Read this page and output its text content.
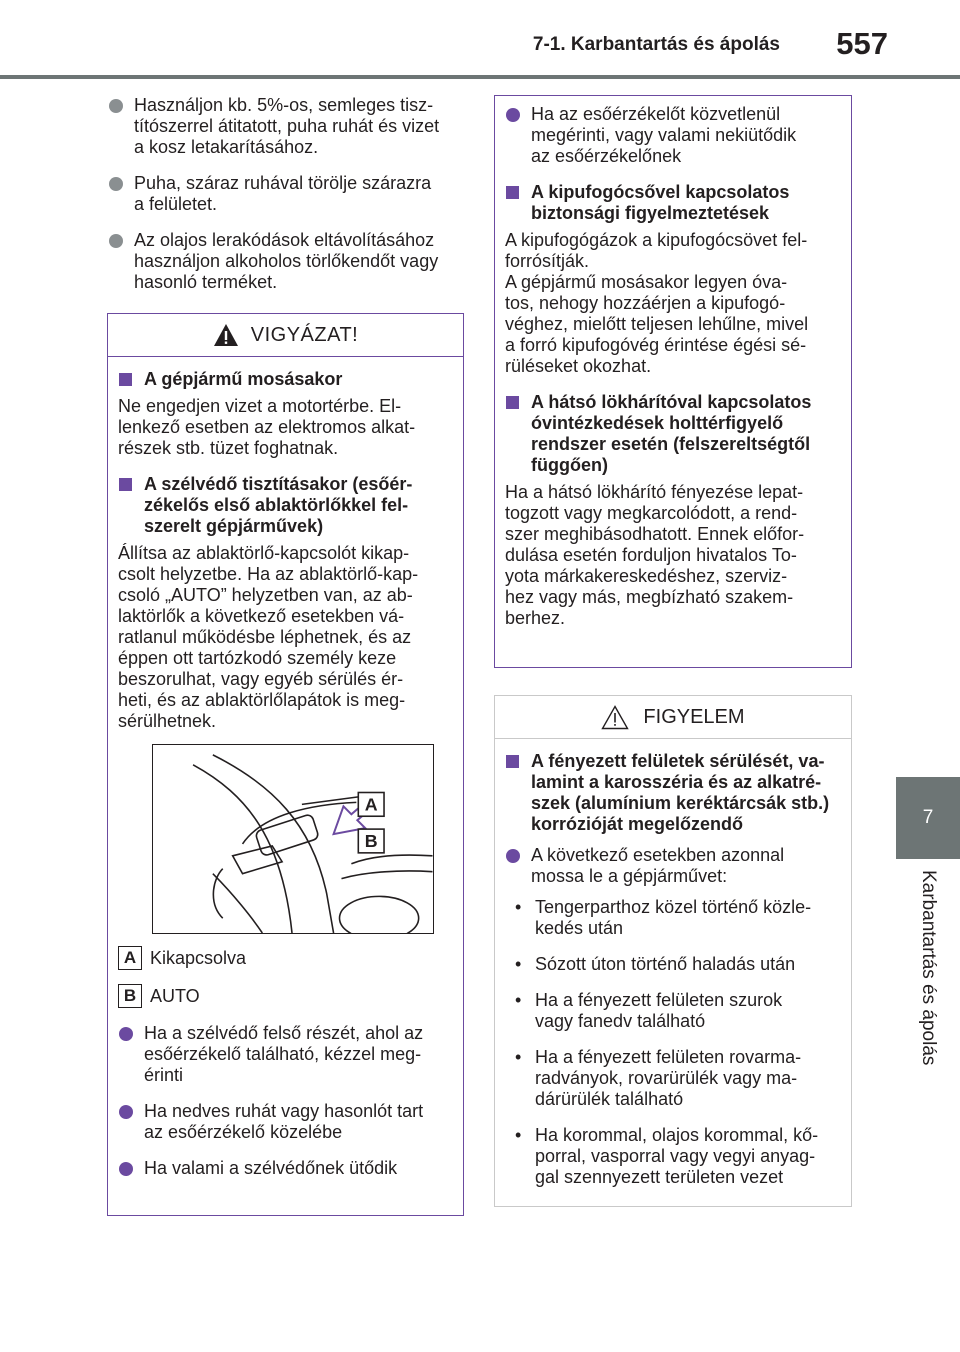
7-1. Karbantartás és ápolás 557
7
Karbantartás és ápolás
Használjon kb. 5%-os, semleges tisz-
títószerrel átitatott, puha ruhát és vizet
a kosz letakarításához.
Puha, száraz ruhával törölje szárazra
a felületet.
Az olajos lerakódások eltávolításához
használjon alkoholos törlőkendőt vagy
hasonló terméket.
VIGYÁZAT!
A gépjármű mosásakor
Ne engedjen vizet a motortérbe. El-
lenkező esetben az elektromos alkat-
részek stb. tüzet foghatnak.
A szélvédő tisztításakor (esőér-
zékelős első ablaktörlőkkel fel-
szerelt gépjárművek)
Állítsa az ablaktörlő-kapcsolót kikap-
csolt helyzetbe. Ha az ablaktörlő-kap-
csoló „AUTO” helyzetben van, az ab-
laktörlők a következő esetekben vá-
ratlanul működésbe léphetnek, és az
éppen ott tartózkodó személy keze
beszorulhat, vagy egyéb sérülés ér-
heti, és az ablaktörlőlapátok is meg-
sérülhetnek.
A
B
A Kikapcsolva
B AUTO
Ha a szélvédő felső részét, ahol az
esőérzékelő található, kézzel meg-
érinti
Ha nedves ruhát vagy hasonlót tart
az esőérzékelő közelébe
Ha valami a szélvédőnek ütődik
Ha az esőérzékelőt közvetlenül
megérinti, vagy valami nekiütődik
az esőérzékelőnek
A kipufogócsővel kapcsolatos
biztonsági figyelmeztetések
A kipufogógázok a kipufogócsövet fel-
forrósítják.
A gépjármű mosásakor legyen óva-
tos, nehogy hozzáérjen a kipufogó-
véghez, mielőtt teljesen lehűlne, mivel
a forró kipufogóvég érintése égési sé-
rüléseket okozhat.
A hátsó lökhárítóval kapcsolatos
óvintézkedések holttérfigyelő
rendszer esetén (felszereltségtől
függően)
Ha a hátsó lökhárító fényezése lepat-
togzott vagy megkarcolódott, a rend-
szer meghibásodhatott. Ennek előfor-
dulása esetén forduljon hivatalos To-
yota márkakereskedéshez, szerviz-
hez vagy más, megbízható szakem-
berhez.
FIGYELEM
A fényezett felületek sérülését, va-
lamint a karosszéria és az alkatré-
szek (alumínium keréktárcsák stb.)
korrózióját megelőzendő
A következő esetekben azonnal
mossa le a gépjárművet:
• Tengerparthoz közel történő közle-
kedés után
• Sózott úton történő haladás után
• Ha a fényezett felületen szurok
vagy fanedv található
• Ha a fényezett felületen rovarma-
radványok, rovarürülék vagy ma-
dárürülék található
• Ha korommal, olajos korommal, kő-
porral, vasporral vagy vegyi anyag-
gal szennyezett területen vezet
